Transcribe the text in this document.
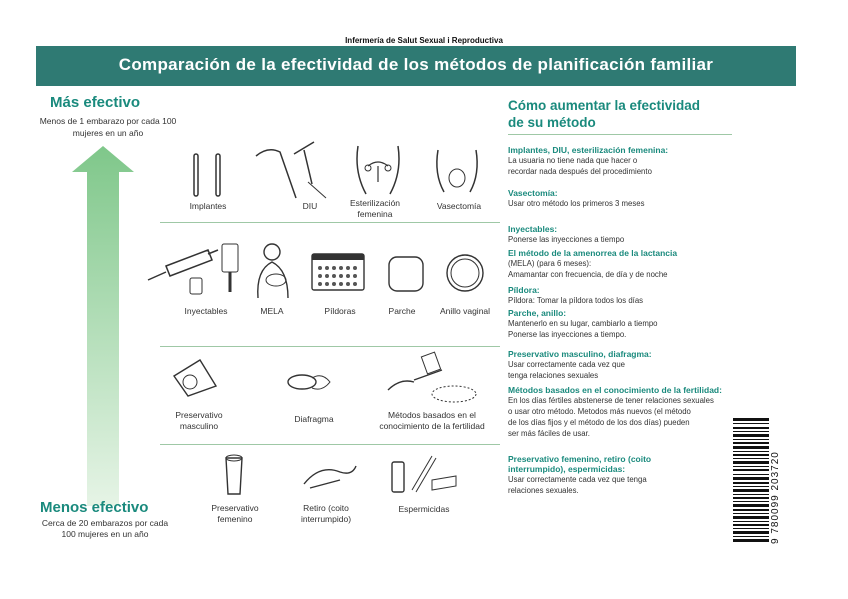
Infermería de Salut Sexual i Reproductiva
Comparación de la efectividad de los métodos de planificación familiar
Más efectivo
Menos de 1 embarazo por cada 100 mujeres en un año
Menos efectivo
Cerca de 20 embarazos por cada 100 mujeres en un año
Implantes	DIU	Esterilización femenina
Vasectomía
Inyectables	MELA	Píldoras	Parche	Anillo vaginal
Preservativo masculino
Diafragma	Métodos basados en el conocimiento de la fertilidad
Preservativo femenino
Retiro (coito interrumpido)
Espermicidas
Cómo aumentar la efectividad
de su método
Implantes, DIU, esterilización femenina:
La usuaria no tiene nada que hacer o
recordar nada después del procedimiento
Vasectomía:
Usar otro método los primeros 3 meses
Inyectables:
Ponerse las inyecciones a tiempo
El método de la amenorrea de la lactancia
(MELA) (para 6 meses):
Amamantar con frecuencia, de día y de noche
Píldora:
Píldora: Tomar la píldora todos los días
Parche, anillo:
Mantenerlo en su lugar, cambiarlo a tiempo
Ponerse las inyecciones a tiempo.
Preservativo masculino, diafragma:
Usar correctamente cada vez que
tenga relaciones sexuales
Métodos basados en el conocimiento de la fertilidad:
En los días fértiles abstenerse de tener relaciones sexuales
o usar otro método. Metodos más nuevos (el método
de los días fijos y el método de los dos días) pueden
ser más fáciles de usar.
Preservativo femenino, retiro (coito
interrumpido), espermicidas:
Usar correctamente cada vez que tenga
relaciones sexuales.	9 780099 203720
